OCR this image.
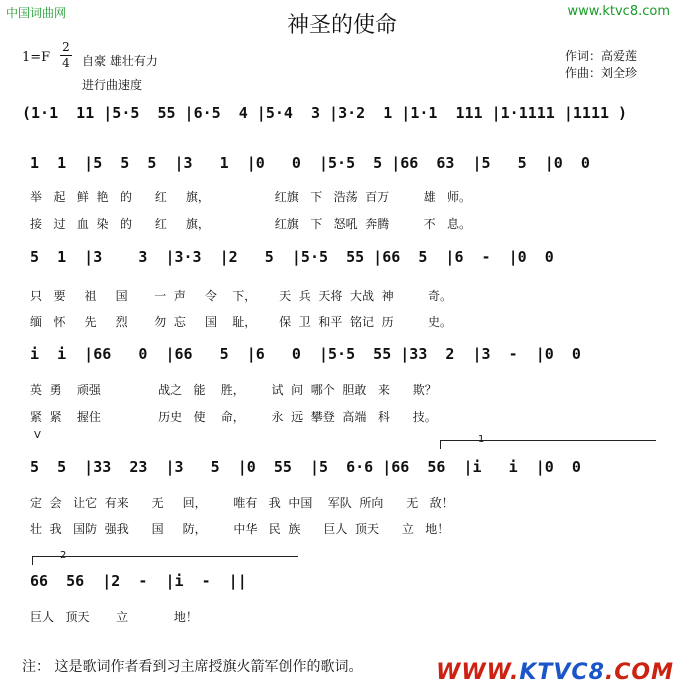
中国词曲网	www.ktvc8.com
神圣的使命
$1=F \frac{2}{4}$ 自豪 雄壮有力
进行曲速度
作词：高爱莲
作曲：刘全珍
(1·1  11 |5·5  55 |6·5  4 |5·4  3 |3·2  1 |1·1  111 |1·1111 |1111 )
1  1  |5  5  5  |3   1  |0   0  |5·5  5 |66  63  |5   5  |0  0
举   起   鲜  艳   的      红     旗，                 红旗   下   浩荡  百万         雄   师。
接   过   血  染   的      红     旗，                 红旗   下   怒吼  奔腾         不   息。
5  1  |3    3  |3·3  |2   5  |5·5  55 |66  5  |6  -  |0  0
只   要     祖     国       一  声     令    下，      天  兵  天将  大战  神         奇。
缅   怀     先     烈       勿  忘     国    耻，      保  卫  和平  铭记  历         史。
i  i  |66   0  |66   5  |6   0  |5·5  55 |33  2  |3  -  |0  0
英  勇    顽强               战之   能    胜，       试  问  哪个  胆敢   来      欺？
紧  紧    握住               历史   使    命，       永  远  攀登  高端   科      技。
V	1
5  5  |33  23  |3   5  |0  55  |5  6·6 |66  56  |i   i  |0  0
定  会   让它  有来      无     回，       唯有   我  中国    军队  所向      无   敌！
壮  我   国防  强我      国     防，       中华   民  族      巨人  顶天      立   地！
2
66  56  |2  -  |i  -  ||
巨人   顶天       立            地！
注： 这是歌词作者看到习主席授旗火箭军创作的歌词。	WWW.KTVC8.COM
